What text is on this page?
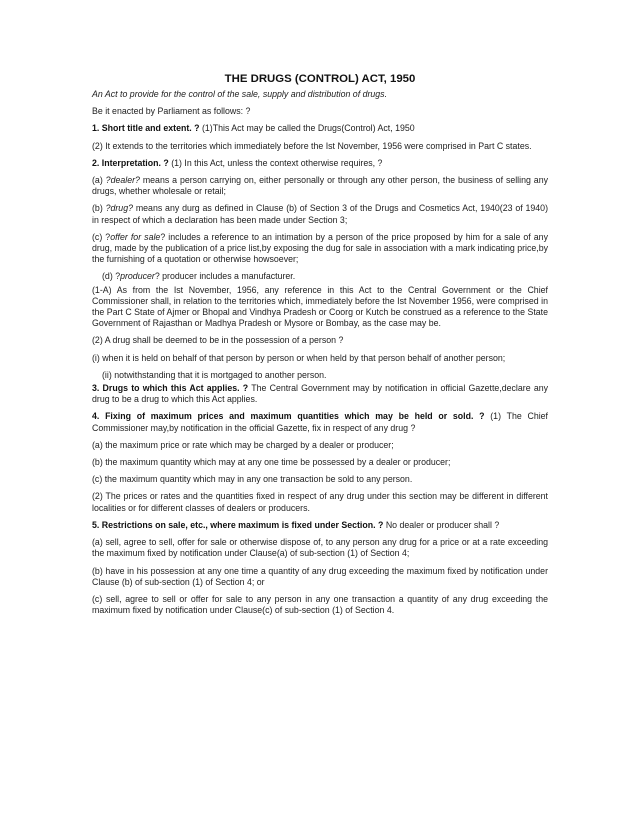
THE DRUGS (CONTROL) ACT, 1950

An Act to provide for the control of the sale, supply and distribution of drugs.

Be it enacted by Parliament as follows: ?

1. Short title and extent. ? (1)This Act may be called the Drugs(Control) Act, 1950

(2) It extends to the territories which immediately before the Ist November, 1956 were comprised in Part C states.

2. Interpretation. ? (1) In this Act, unless the context otherwise requires, ?

(a) ?dealer? means a person carrying on, either personally or through any other person, the business of selling any drugs, whether wholesale or retail;

(b) ?drug? means any durg as defined in Clause (b) of Section 3 of the Drugs and Cosmetics Act, 1940(23 of 1940) in respect of which a declaration has been made under Section 3;

(c) ?offer for sale? includes a reference to an intimation by a person of the price proposed by him for a sale of any drug, made by the publication of a price list,by exposing the dug for sale in association with a mark indicating price,by the furnishing of a quotation or otherwise howsoever;

(d) ?producer? producer includes a manufacturer.

(1-A) As from the Ist November, 1956, any reference in this Act to the Central Government or the Chief Commissioner shall, in relation to the territories which, immediately before the Ist November 1956, were comprised in the Part C State of Ajmer or Bhopal and Vindhya Pradesh or Coorg or Kutch be construed as a reference to the State Government of Rajasthan or Madhya Pradesh or Mysore or Bombay, as the case may be.

(2) A drug shall be deemed to be in the possession of a person ?

(i) when it is held on behalf of that person by person or when held by that person behalf of another person;

(ii) notwithstanding that it is mortgaged to another person.

3. Drugs to which this Act applies. ? The Central Government may by notification in official Gazette,declare any drug to be a drug to which this Act applies.

4. Fixing of maximum prices and maximum quantities which may be held or sold. ? (1) The Chief Commissioner may,by notification in the official Gazette, fix in respect of any drug ?

(a) the maximum price or rate which may be charged by a dealer or producer;

(b) the maximum quantity which may at any one time be possessed by a dealer or producer;

(c) the maximum quantity which may in any one transaction be sold to any person.

(2) The prices or rates and the quantities fixed in respect of any drug under this section may be different in different localities or for different classes of dealers or producers.

5. Restrictions on sale, etc., where maximum is fixed under Section. ? No dealer or producer shall ?

(a) sell, agree to sell, offer for sale or otherwise dispose of, to any person any drug for a price or at a rate exceeding the maximum fixed by notification under Clause(a) of sub-section (1) of Section 4;

(b) have in his possession at any one time a quantity of any drug exceeding the maximum fixed by notification under Clause (b) of sub-section (1) of Section 4; or

(c) sell, agree to sell or offer for sale to any person in any one transaction a quantity of any drug exceeding the maximum fixed by notification under Clause(c) of sub-section (1) of Section 4.
